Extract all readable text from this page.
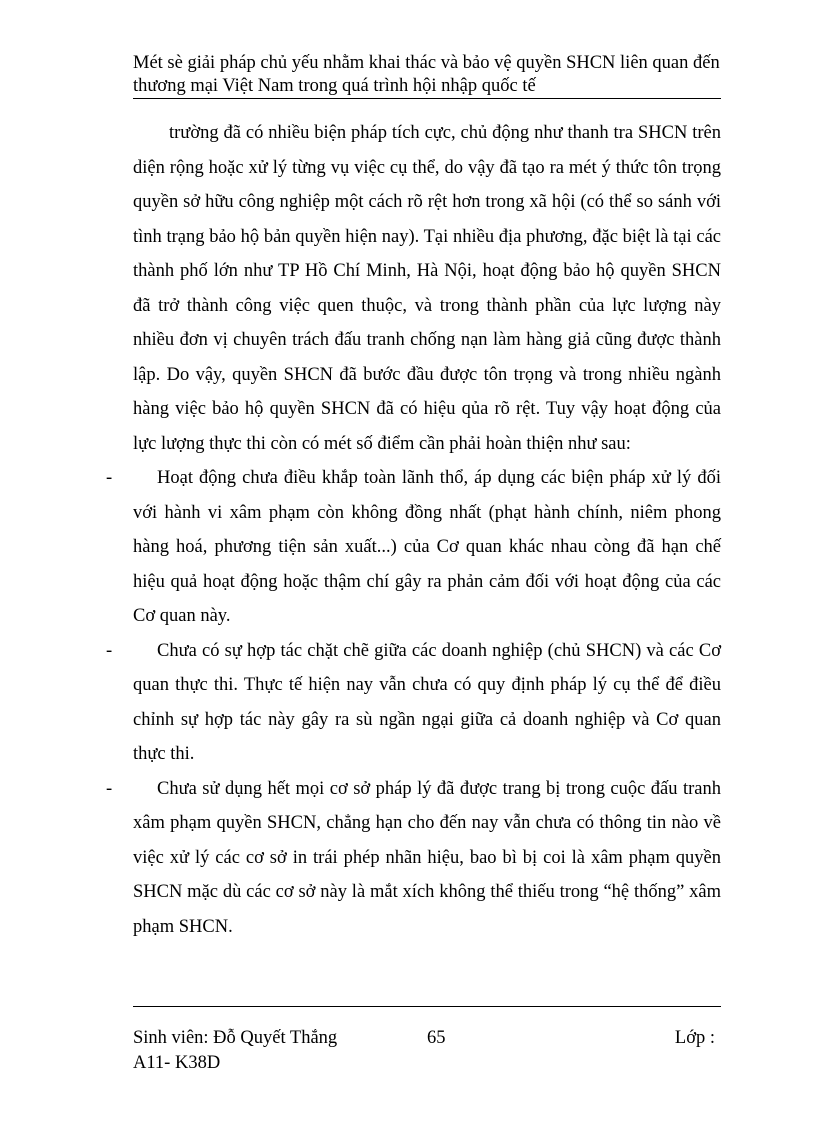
Mét sè giải pháp chủ yếu nhằm khai thác và bảo vệ quyền SHCN liên quan đến thương mại Việt Nam trong quá trình hội nhập quốc tế

trường đã có nhiều biện pháp tích cực, chủ động như thanh tra SHCN trên diện rộng hoặc xử lý từng vụ việc cụ thể, do vậy đã tạo ra mét ý thức tôn trọng quyền sở hữu công nghiệp một cách rõ rệt hơn trong xã hội (có thể so sánh với tình trạng bảo hộ bản quyền hiện nay). Tại nhiều địa phương, đặc biệt là tại các thành phố lớn như TP Hồ Chí Minh, Hà Nội, hoạt động bảo hộ quyền SHCN đã trở thành công việc quen thuộc, và trong thành phần của lực lượng này nhiều đơn vị chuyên trách đấu tranh chống nạn làm hàng giả cũng được thành lập. Do vậy, quyền SHCN đã bước đầu được tôn trọng và trong nhiều ngành hàng việc bảo hộ quyền SHCN đã có hiệu qủa rõ rệt. Tuy vậy hoạt động của lực lượng thực thi còn có mét số điểm cần phải hoàn thiện như sau:

- Hoạt động chưa điều khắp toàn lãnh thổ, áp dụng các biện pháp xử lý đối với hành vi xâm phạm còn không đồng nhất (phạt hành chính, niêm phong hàng hoá, phương tiện sản xuất...) của Cơ quan khác nhau còng đã hạn chế hiệu quả hoạt động hoặc thậm chí gây ra phản cảm đối với hoạt động của các Cơ quan này.

- Chưa có sự hợp tác chặt chẽ giữa các doanh nghiệp (chủ SHCN) và các Cơ quan thực thi. Thực tế hiện nay vẫn chưa có quy định pháp lý cụ thể để điều chỉnh sự hợp tác này gây ra sù ngần ngại giữa cả doanh nghiệp và Cơ quan thực thi.

- Chưa sử dụng hết mọi cơ sở pháp lý đã được trang bị trong cuộc đấu tranh xâm phạm quyền SHCN, chẳng hạn cho đến nay vẫn chưa có thông tin nào về việc xử lý các cơ sở in trái phép nhãn hiệu, bao bì bị coi là xâm phạm quyền SHCN mặc dù các cơ sở này là mắt xích không thể thiếu trong “hệ thống” xâm phạm SHCN.

Sinh viên: Đỗ Quyết Thắng	65	Lớp :
A11- K38D
